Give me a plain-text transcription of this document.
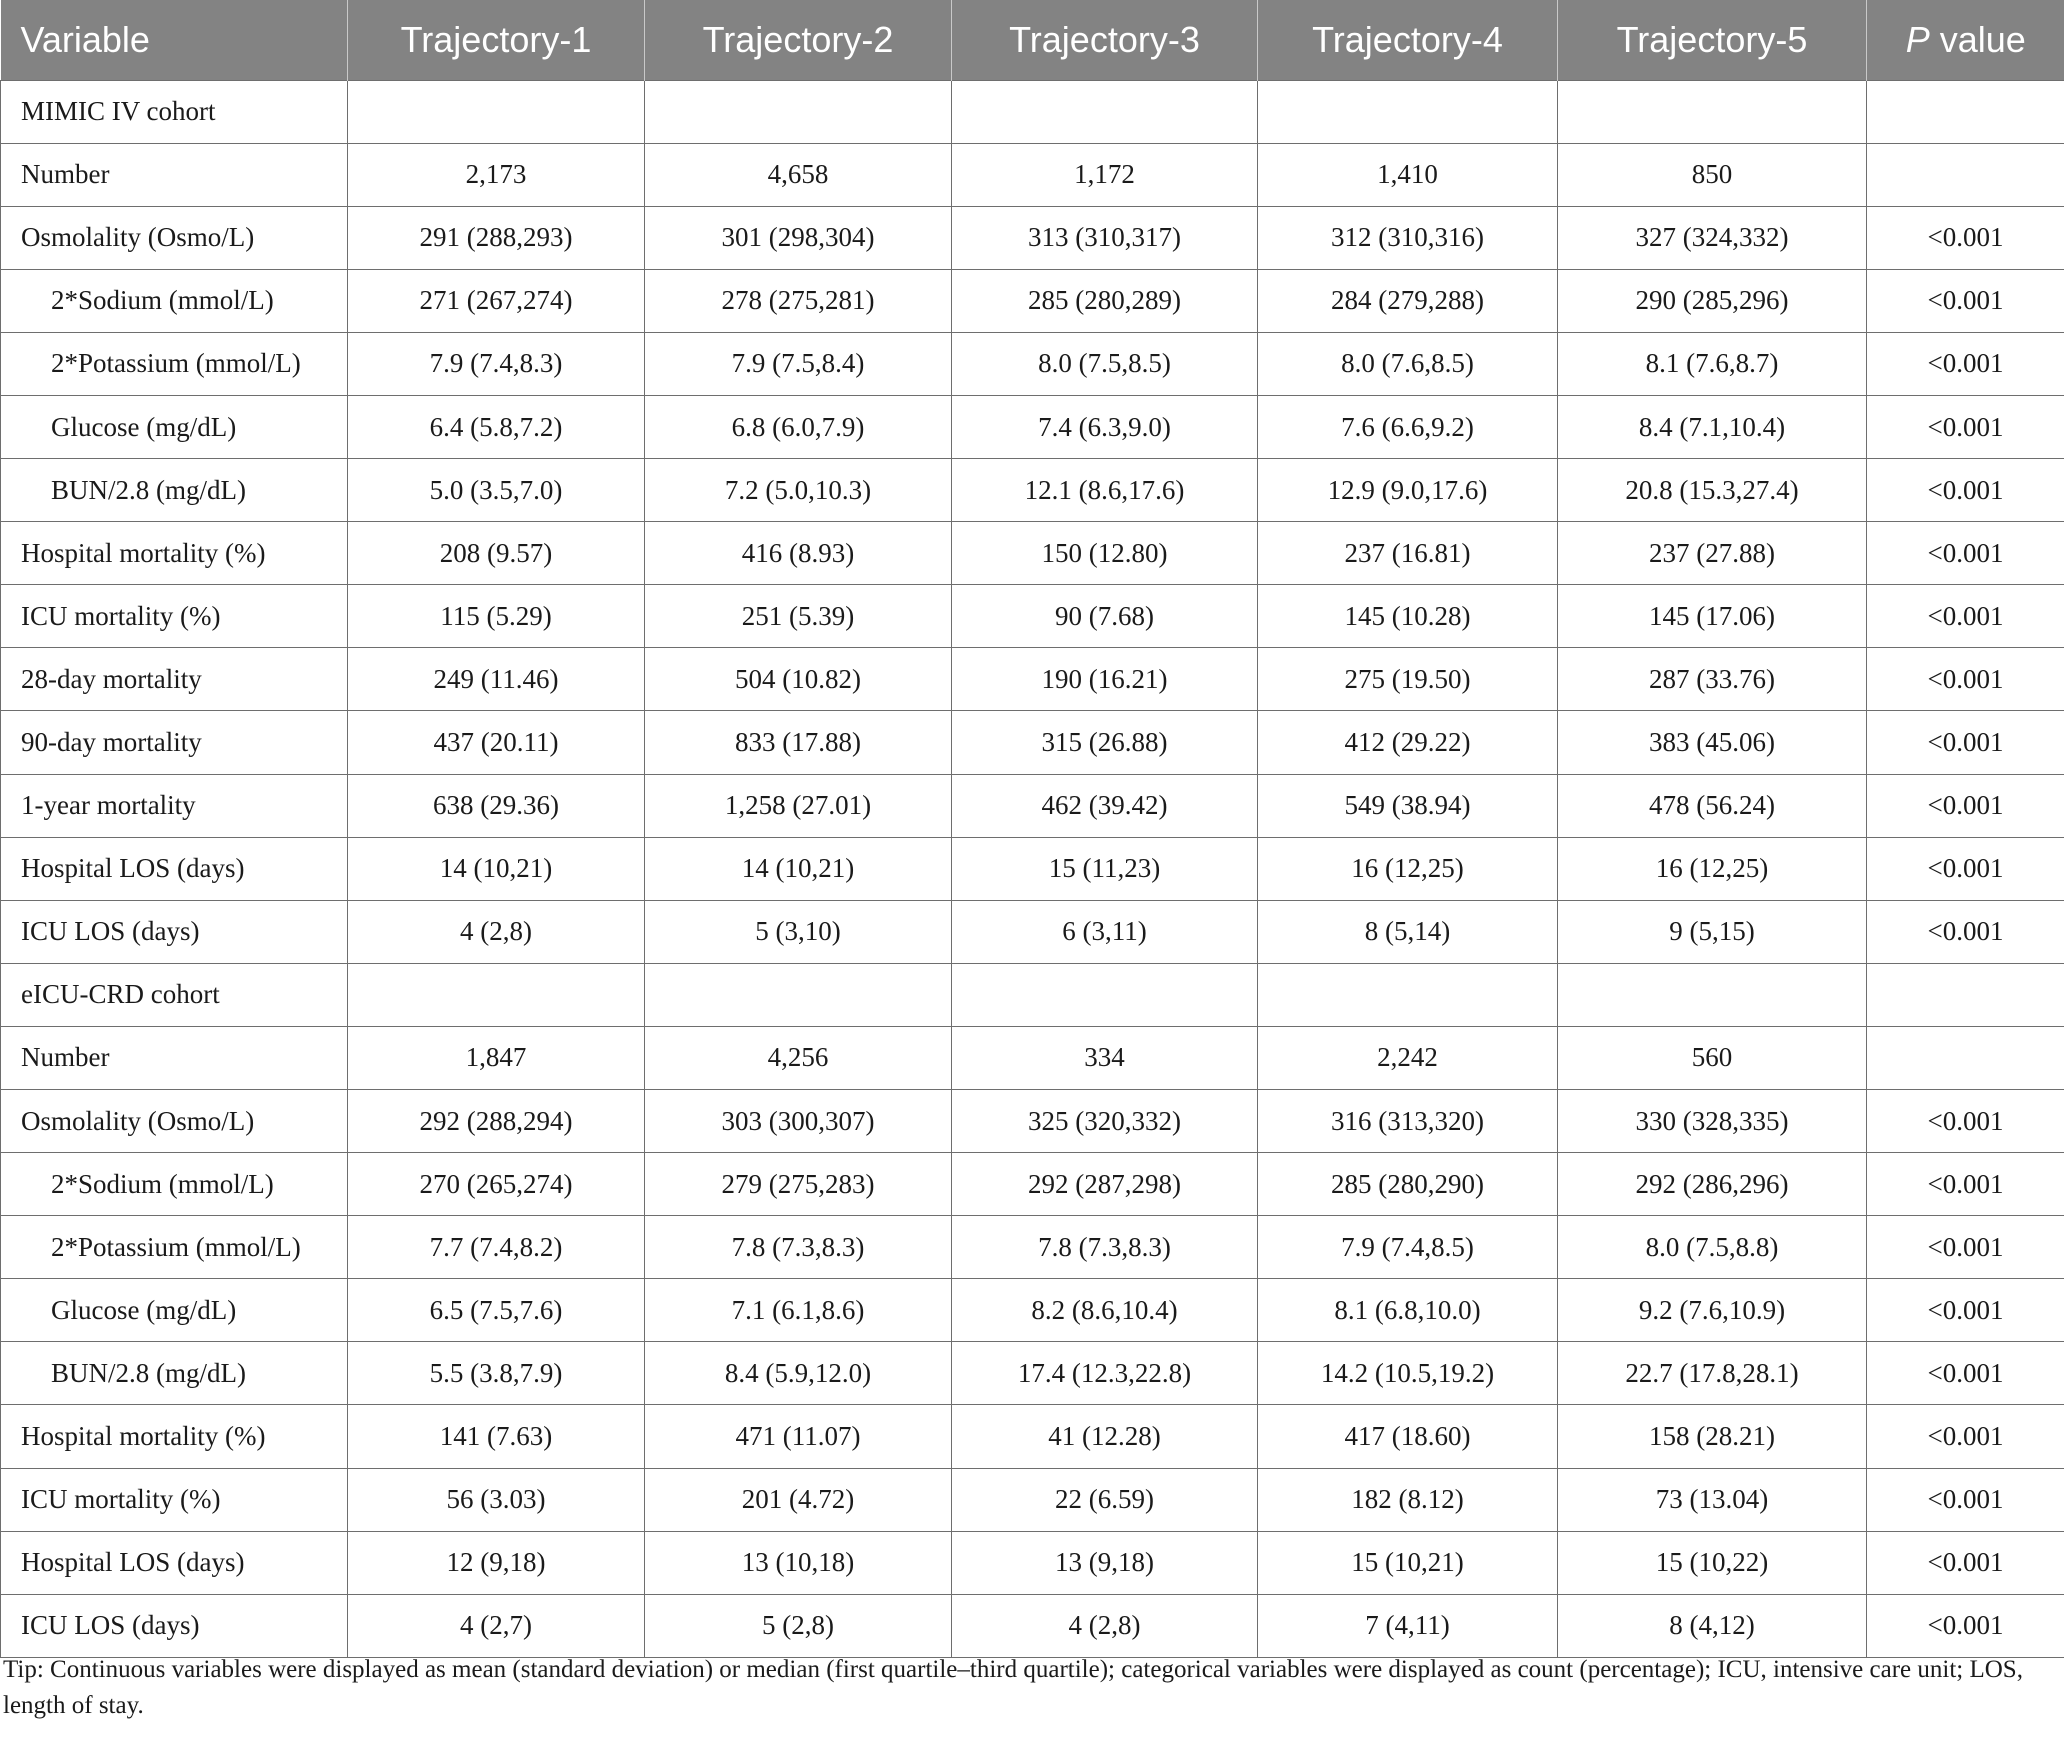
Variable	Trajectory-1	Trajectory-2	Trajectory-3	Trajectory-4	Trajectory-5	P value
MIMIC IV cohort						
Number	2,173	4,658	1,172	1,410	850	
Osmolality (Osmo/L)	291 (288,293)	301 (298,304)	313 (310,317)	312 (310,316)	327 (324,332)	<0.001
2*Sodium (mmol/L)	271 (267,274)	278 (275,281)	285 (280,289)	284 (279,288)	290 (285,296)	<0.001
2*Potassium (mmol/L)	7.9 (7.4,8.3)	7.9 (7.5,8.4)	8.0 (7.5,8.5)	8.0 (7.6,8.5)	8.1 (7.6,8.7)	<0.001
Glucose (mg/dL)	6.4 (5.8,7.2)	6.8 (6.0,7.9)	7.4 (6.3,9.0)	7.6 (6.6,9.2)	8.4 (7.1,10.4)	<0.001
BUN/2.8 (mg/dL)	5.0 (3.5,7.0)	7.2 (5.0,10.3)	12.1 (8.6,17.6)	12.9 (9.0,17.6)	20.8 (15.3,27.4)	<0.001
Hospital mortality (%)	208 (9.57)	416 (8.93)	150 (12.80)	237 (16.81)	237 (27.88)	<0.001
ICU mortality (%)	115 (5.29)	251 (5.39)	90 (7.68)	145 (10.28)	145 (17.06)	<0.001
28-day mortality	249 (11.46)	504 (10.82)	190 (16.21)	275 (19.50)	287 (33.76)	<0.001
90-day mortality	437 (20.11)	833 (17.88)	315 (26.88)	412 (29.22)	383 (45.06)	<0.001
1-year mortality	638 (29.36)	1,258 (27.01)	462 (39.42)	549 (38.94)	478 (56.24)	<0.001
Hospital LOS (days)	14 (10,21)	14 (10,21)	15 (11,23)	16 (12,25)	16 (12,25)	<0.001
ICU LOS (days)	4 (2,8)	5 (3,10)	6 (3,11)	8 (5,14)	9 (5,15)	<0.001
eICU-CRD cohort						
Number	1,847	4,256	334	2,242	560	
Osmolality (Osmo/L)	292 (288,294)	303 (300,307)	325 (320,332)	316 (313,320)	330 (328,335)	<0.001
2*Sodium (mmol/L)	270 (265,274)	279 (275,283)	292 (287,298)	285 (280,290)	292 (286,296)	<0.001
2*Potassium (mmol/L)	7.7 (7.4,8.2)	7.8 (7.3,8.3)	7.8 (7.3,8.3)	7.9 (7.4,8.5)	8.0 (7.5,8.8)	<0.001
Glucose (mg/dL)	6.5 (7.5,7.6)	7.1 (6.1,8.6)	8.2 (8.6,10.4)	8.1 (6.8,10.0)	9.2 (7.6,10.9)	<0.001
BUN/2.8 (mg/dL)	5.5 (3.8,7.9)	8.4 (5.9,12.0)	17.4 (12.3,22.8)	14.2 (10.5,19.2)	22.7 (17.8,28.1)	<0.001
Hospital mortality (%)	141 (7.63)	471 (11.07)	41 (12.28)	417 (18.60)	158 (28.21)	<0.001
ICU mortality (%)	56 (3.03)	201 (4.72)	22 (6.59)	182 (8.12)	73 (13.04)	<0.001
Hospital LOS (days)	12 (9,18)	13 (10,18)	13 (9,18)	15 (10,21)	15 (10,22)	<0.001
ICU LOS (days)	4 (2,7)	5 (2,8)	4 (2,8)	7 (4,11)	8 (4,12)	<0.001
Tip: Continuous variables were displayed as mean (standard deviation) or median (first quartile–third quartile); categorical variables were displayed as count (percentage); ICU, intensive care unit; LOS, length of stay.
